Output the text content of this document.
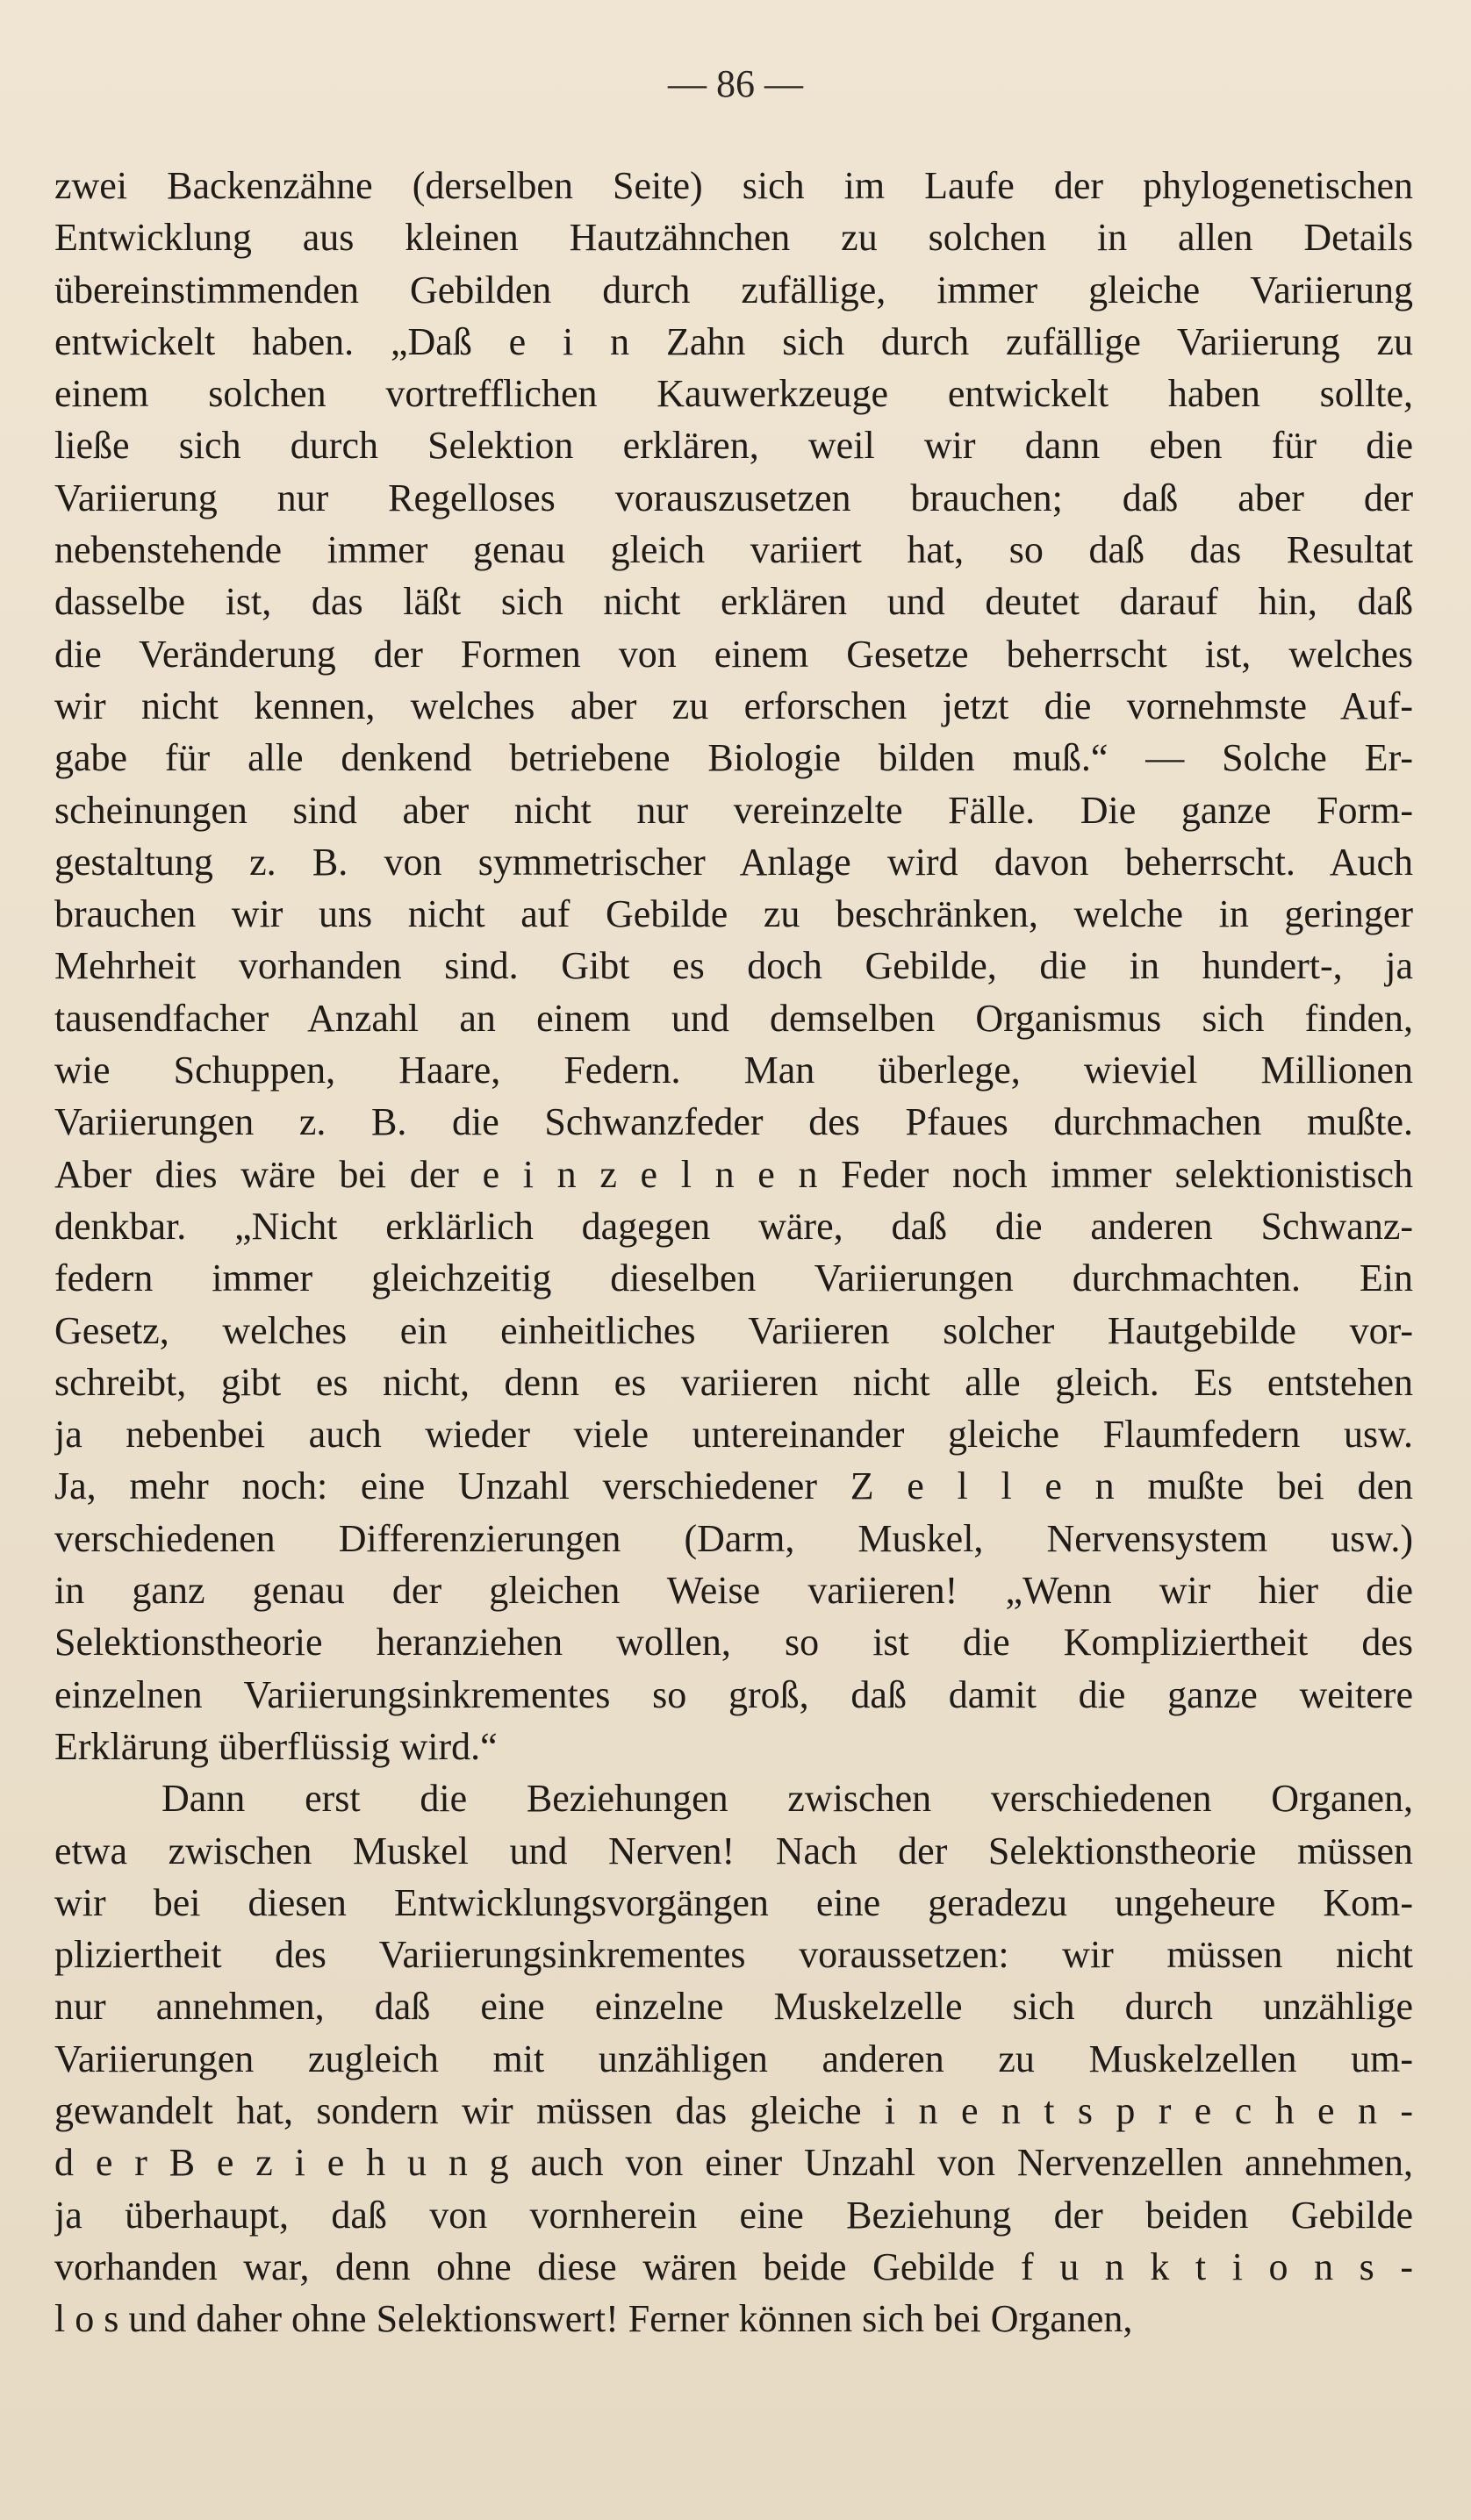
— 86 —
zwei Backenzähne (derselben Seite) sich im Laufe der phylogenetischen
Entwicklung aus kleinen Hautzähnchen zu solchen in allen Details
übereinstimmenden Gebilden durch zufällige, immer gleiche Variierung
entwickelt haben. „Daß e i n Zahn sich durch zufällige Variierung zu
einem solchen vortrefflichen Kauwerkzeuge entwickelt haben sollte,
ließe sich durch Selektion erklären, weil wir dann eben für die
Variierung nur Regelloses vorauszusetzen brauchen; daß aber der
nebenstehende immer genau gleich variiert hat, so daß das Resultat
dasselbe ist, das läßt sich nicht erklären und deutet darauf hin, daß
die Veränderung der Formen von einem Gesetze beherrscht ist, welches
wir nicht kennen, welches aber zu erforschen jetzt die vornehmste Auf-
gabe für alle denkend betriebene Biologie bilden muß.“ — Solche Er-
scheinungen sind aber nicht nur vereinzelte Fälle. Die ganze Form-
gestaltung z. B. von symmetrischer Anlage wird davon beherrscht. Auch
brauchen wir uns nicht auf Gebilde zu beschränken, welche in geringer
Mehrheit vorhanden sind. Gibt es doch Gebilde, die in hundert-, ja
tausendfacher Anzahl an einem und demselben Organismus sich finden,
wie Schuppen, Haare, Federn. Man überlege, wieviel Millionen
Variierungen z. B. die Schwanzfeder des Pfaues durchmachen mußte.
Aber dies wäre bei der e i n z e l n e n Feder noch immer selektionistisch
denkbar. „Nicht erklärlich dagegen wäre, daß die anderen Schwanz-
federn immer gleichzeitig dieselben Variierungen durchmachten. Ein
Gesetz, welches ein einheitliches Variieren solcher Hautgebilde vor-
schreibt, gibt es nicht, denn es variieren nicht alle gleich. Es entstehen
ja nebenbei auch wieder viele untereinander gleiche Flaumfedern usw.
Ja, mehr noch: eine Unzahl verschiedener Z e l l e n mußte bei den
verschiedenen Differenzierungen (Darm, Muskel, Nervensystem usw.)
in ganz genau der gleichen Weise variieren! „Wenn wir hier die
Selektionstheorie heranziehen wollen, so ist die Kompliziertheit des
einzelnen Variierungsinkrementes so groß, daß damit die ganze weitere
Erklärung überflüssig wird.“
Dann erst die Beziehungen zwischen verschiedenen Organen,
etwa zwischen Muskel und Nerven! Nach der Selektionstheorie müssen
wir bei diesen Entwicklungsvorgängen eine geradezu ungeheure Kom-
pliziertheit des Variierungsinkrementes voraussetzen: wir müssen nicht
nur annehmen, daß eine einzelne Muskelzelle sich durch unzählige
Variierungen zugleich mit unzähligen anderen zu Muskelzellen um-
gewandelt hat, sondern wir müssen das gleiche i n e n t s p r e c h e n -
d e r B e z i e h u n g auch von einer Unzahl von Nervenzellen annehmen,
ja überhaupt, daß von vornherein eine Beziehung der beiden Gebilde
vorhanden war, denn ohne diese wären beide Gebilde f u n k t i o n s -
l o s und daher ohne Selektionswert! Ferner können sich bei Organen,
